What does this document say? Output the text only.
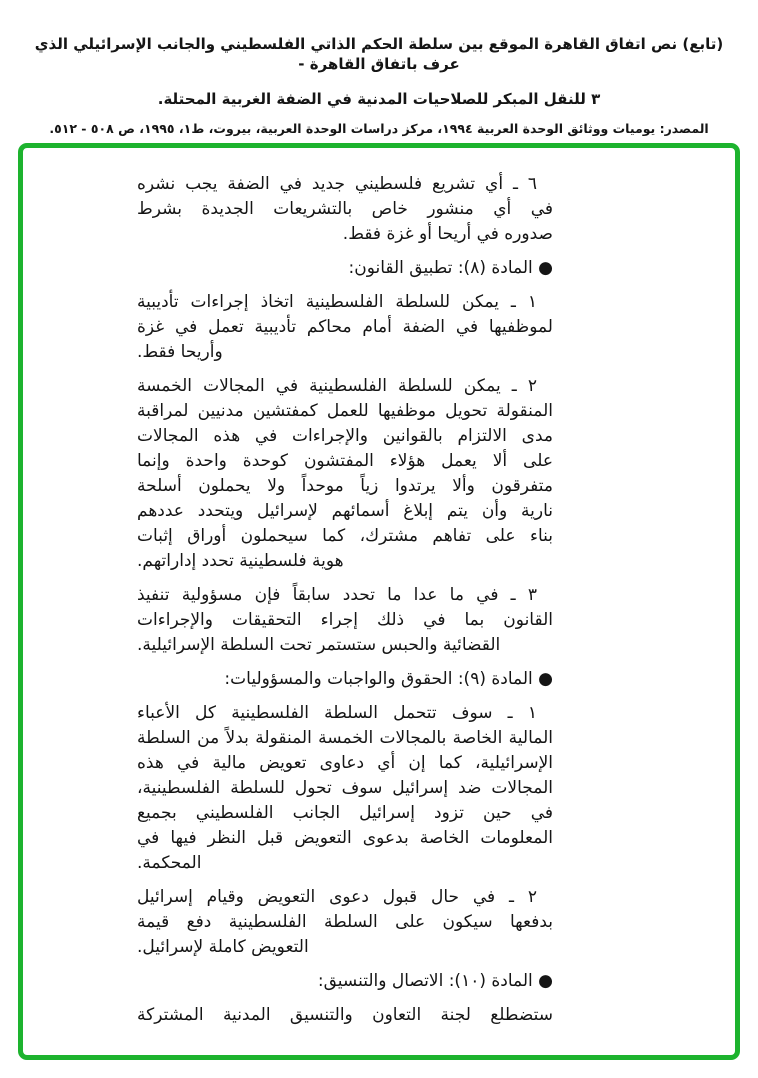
(تابع) نص اتفاق القاهرة الموقع بين سلطة الحكم الذاتي الفلسطيني والجانب الإسرائيلي الذي عرف باتفاق القاهرة -
٣ للنقل المبكر للصلاحيات المدنية في الضفة الغربية المحتلة.
المصدر: يوميات ووثائق الوحدة العربية ١٩٩٤، مركز دراسات الوحدة العربية، بيروت، ط١، ١٩٩٥، ص ٥٠٨ - ٥١٢.
٦ ـ أي تشريع فلسطيني جديد في الضفة يجب نشره
في أي منشور خاص بالتشريعات الجديدة بشرط
صدوره في أريحا أو غزة فقط.
● المادة (٨): تطبيق القانون:
١ ـ يمكن للسلطة الفلسطينية اتخاذ إجراءات تأديبية
لموظفيها في الضفة أمام محاكم تأديبية تعمل في غزة
وأريحا فقط.
٢ ـ يمكن للسلطة الفلسطينية في المجالات الخمسة
المنقولة تحويل موظفيها للعمل كمفتشين مدنيين لمراقبة
مدى الالتزام بالقوانين والإجراءات في هذه المجالات
على ألا يعمل هؤلاء المفتشون كوحدة واحدة وإنما
متفرقون وألا يرتدوا زياً موحداً ولا يحملون أسلحة
نارية وأن يتم إبلاغ أسمائهم لإسرائيل ويتحدد عددهم
بناء على تفاهم مشترك، كما سيحملون أوراق إثبات
هوية فلسطينية تحدد إداراتهم.
٣ ـ في ما عدا ما تحدد سابقاً فإن مسؤولية تنفيذ
القانون بما في ذلك إجراء التحقيقات والإجراءات
القضائية والحبس ستستمر تحت السلطة الإسرائيلية.
● المادة (٩): الحقوق والواجبات والمسؤوليات:
١ ـ سوف تتحمل السلطة الفلسطينية كل الأعباء
المالية الخاصة بالمجالات الخمسة المنقولة بدلاً من السلطة
الإسرائيلية، كما إن أي دعاوى تعويض مالية في هذه
المجالات ضد إسرائيل سوف تحول للسلطة الفلسطينية،
في حين تزود إسرائيل الجانب الفلسطيني بجميع
المعلومات الخاصة بدعوى التعويض قبل النظر فيها في
المحكمة.
٢ ـ في حال قبول دعوى التعويض وقيام إسرائيل
بدفعها سيكون على السلطة الفلسطينية دفع قيمة
التعويض كاملة لإسرائيل.
● المادة (١٠): الاتصال والتنسيق:
ستضطلع لجنة التعاون والتنسيق المدنية المشتركة
